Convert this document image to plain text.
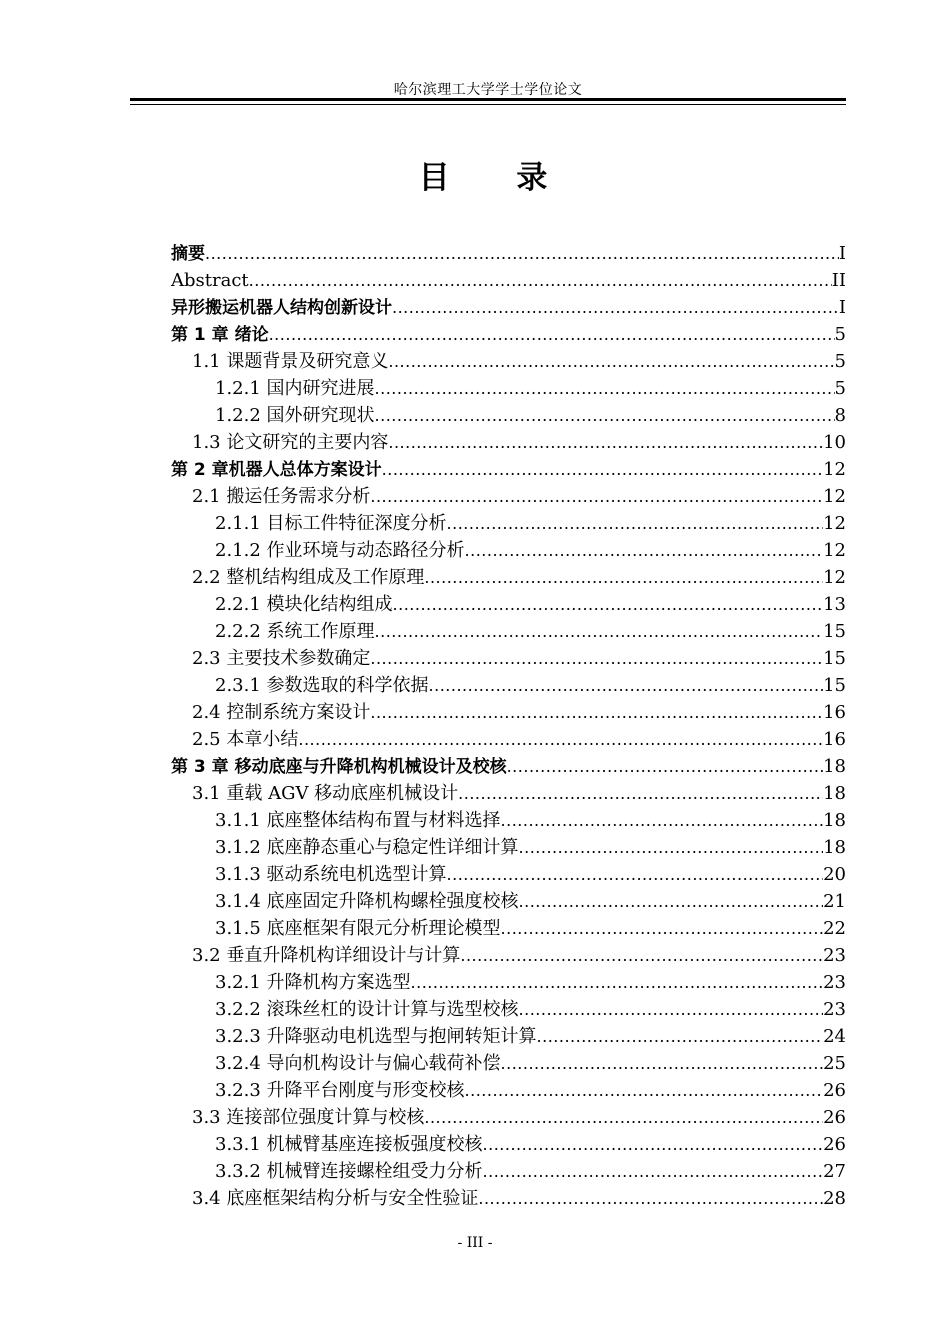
哈尔滨理工大学学士学位论文
目 录
摘要 .....	I
Abstract .....	II
异形搬运机器人结构创新设计 .....	I
第 1 章 绪论 .....	5
1.1 课题背景及研究意义 .....	5
1.2.1 国内研究进展 .....	5
1.2.2 国外研究现状 .....	8
1.3 论文研究的主要内容 .....	10
第 2 章机器人总体方案设计 .....	12
2.1 搬运任务需求分析 .....	12
2.1.1 目标工件特征深度分析 .....	12
2.1.2 作业环境与动态路径分析 .....	12
2.2 整机结构组成及工作原理 .....	12
2.2.1 模块化结构组成 .....	13
2.2.2 系统工作原理 .....	15
2.3 主要技术参数确定 .....	15
2.3.1 参数选取的科学依据 .....	15
2.4 控制系统方案设计 .....	16
2.5 本章小结 .....	16
第 3 章 移动底座与升降机构机械设计及校核 .....	18
3.1 重载 AGV 移动底座机械设计 .....	18
3.1.1 底座整体结构布置与材料选择 .....	18
3.1.2 底座静态重心与稳定性详细计算 .....	18
3.1.3 驱动系统电机选型计算 .....	20
3.1.4 底座固定升降机构螺栓强度校核 .....	21
3.1.5 底座框架有限元分析理论模型 .....	22
3.2 垂直升降机构详细设计与计算 .....	23
3.2.1 升降机构方案选型 .....	23
3.2.2 滚珠丝杠的设计计算与选型校核 .....	23
3.2.3 升降驱动电机选型与抱闸转矩计算 .....	24
3.2.4 导向机构设计与偏心载荷补偿 .....	25
3.2.3 升降平台刚度与形变校核 .....	26
3.3 连接部位强度计算与校核 .....	26
3.3.1 机械臂基座连接板强度校核 .....	26
3.3.2 机械臂连接螺栓组受力分析 .....	27
3.4 底座框架结构分析与安全性验证 .....	28
- III -
